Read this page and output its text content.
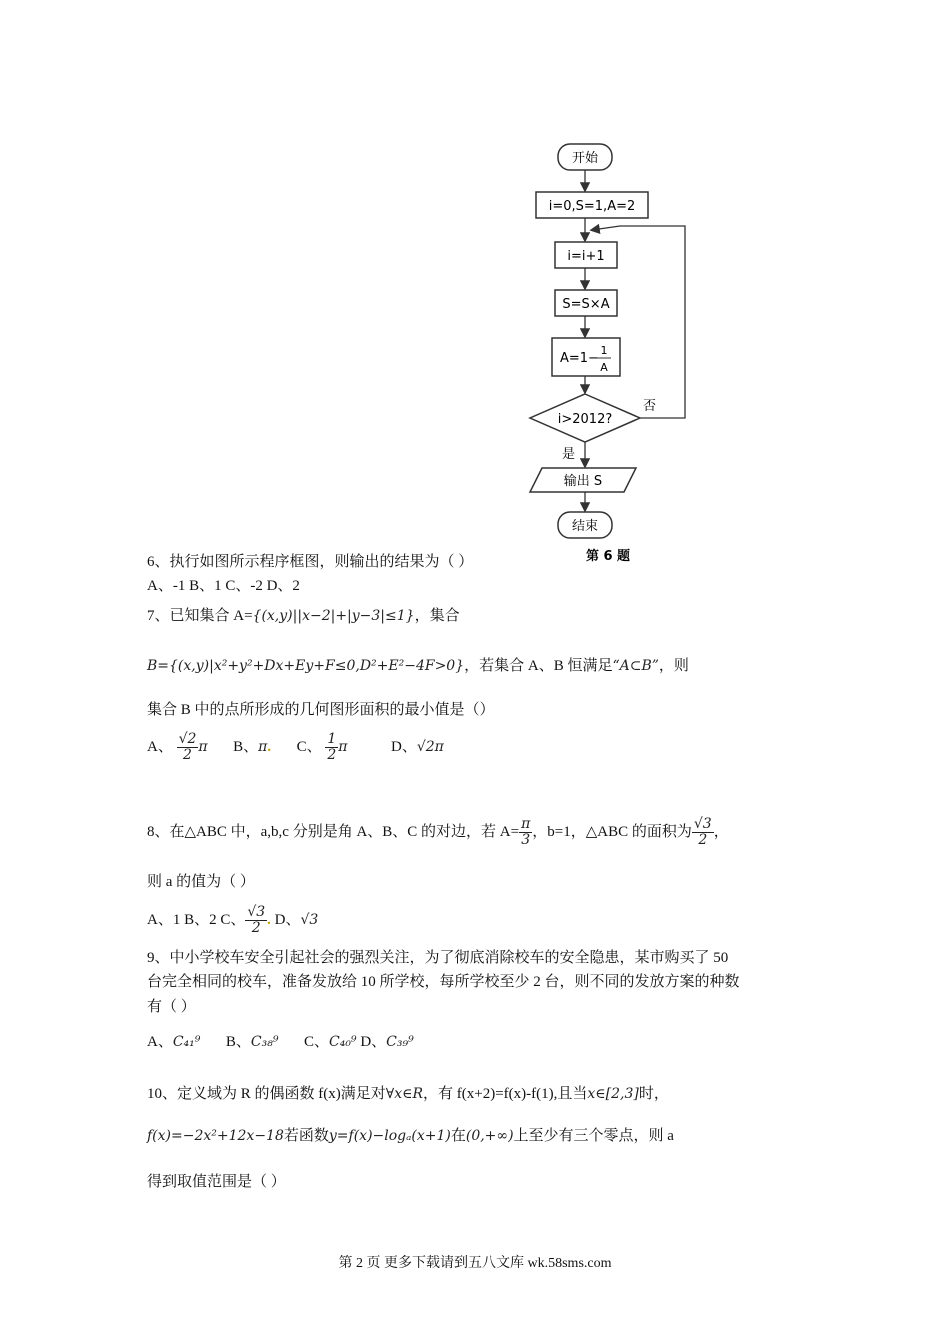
开始
i=0,S=1,A=2
i=i+1
S=S×A
A=1−
1
A
i>2012?
否
是
输出 S
结束
第 6 题
6、执行如图所示程序框图，则输出的结果为（ ）
A、-1 B、1 C、-2 D、2
7、已知集合 A={(x,y)||x−2|+|y−3|≤1}，集合
B={(x,y)|x²+y²+Dx+Ey+F≤0,D²+E²−4F>0}，若集合 A、B 恒满足“A⊂B”，则
集合 B 中的点所形成的几何图形面积的最小值是（）
A、 $\frac{√2}{2}$ π B、π. C、 $\frac{1}{2}$ π	D、√2π
8、在△ABC 中，a,b,c 分别是角 A、B、C 的对边，若 $A= \frac{\pi}{3}$ ，b=1，△ABC 的面积为 $\frac{√3}{2}$ ，
则 a 的值为（ ）
A、1 B、2 C、 $\frac{√3}{2}$ . D、√3
9、中小学校车安全引起社会的强烈关注，为了彻底消除校车的安全隐患，某市购买了 50
台完全相同的校车，准备发放给 10 所学校，每所学校至少 2 台，则不同的发放方案的种数
有（ ）
A、C₄₁⁹ B、C₃₈⁹ C、C₄₀⁹ D、C₃₉⁹
10、定义域为 R 的偶函数 f(x)满足对∀x∈R，有 f(x+2)=f(x)-f(1),且当x∈[2,3]时，
f(x)=−2x²+12x−18若函数y=f(x)−logₐ(x+1)在(0,+∞)上至少有三个零点，则 a
得到取值范围是（ ）
第 2 页 更多下载请到五八文库 wk.58sms.com
